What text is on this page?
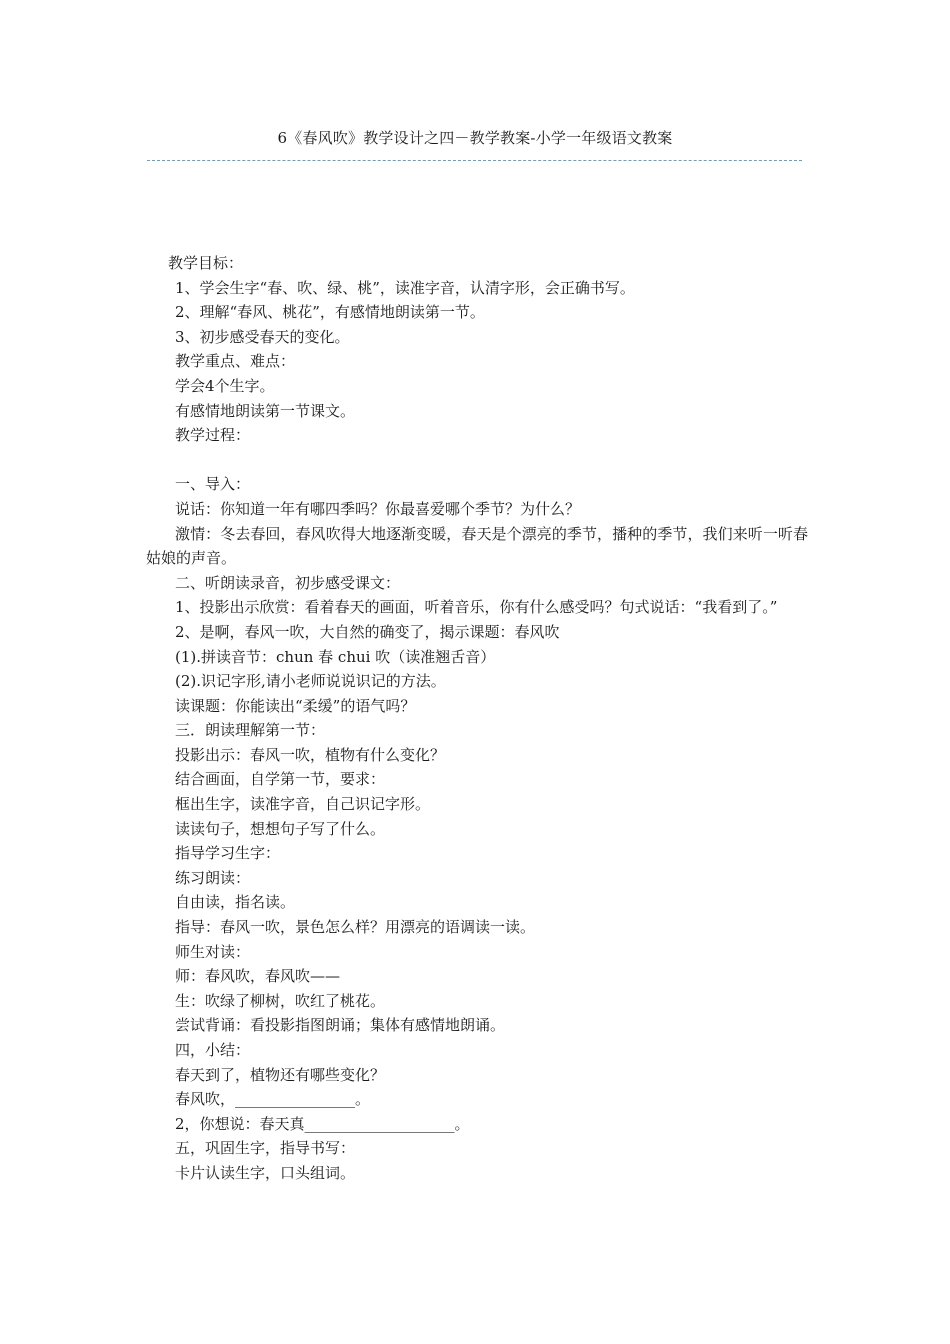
6《春风吹》教学设计之四－教学教案-小学一年级语文教案

教学目标：

1、学会生字“春、吹、绿、桃”，读准字音，认清字形，会正确书写。

2、理解“春风、桃花”，有感情地朗读第一节。

3、初步感受春天的变化。

教学重点、难点：

学会4个生字。

有感情地朗读第一节课文。

教学过程：

一、导入：

说话：你知道一年有哪四季吗？你最喜爱哪个季节？为什么？

激情：冬去春回，春风吹得大地逐渐变暖，春天是个漂亮的季节，播种的季节，我们来听一听春姑娘的声音。

二、听朗读录音，初步感受课文：

1、投影出示欣赏：看着春天的画面，听着音乐，你有什么感受吗？句式说话：“我看到了。”

2、是啊，春风一吹，大自然的确变了，揭示课题：春风吹

(1).拼读音节：chun 春 chui 吹（读准翘舌音）

(2).识记字形,请小老师说说识记的方法。

读课题：你能读出“柔缓”的语气吗？

三．朗读理解第一节：

投影出示：春风一吹，植物有什么变化？

结合画面，自学第一节，要求：

框出生字，读准字音，自己识记字形。

读读句子，想想句子写了什么。

指导学习生字：

练习朗读：

自由读，指名读。

指导：春风一吹，景色怎么样？用漂亮的语调读一读。

师生对读：

师：春风吹，春风吹——

生：吹绿了柳树，吹红了桃花。

尝试背诵：看投影指图朗诵；集体有感情地朗诵。

四，小结：

春天到了，植物还有哪些变化？

春风吹，________________。

2，你想说：春天真____________________。

五，巩固生字，指导书写：

卡片认读生字，口头组词。
